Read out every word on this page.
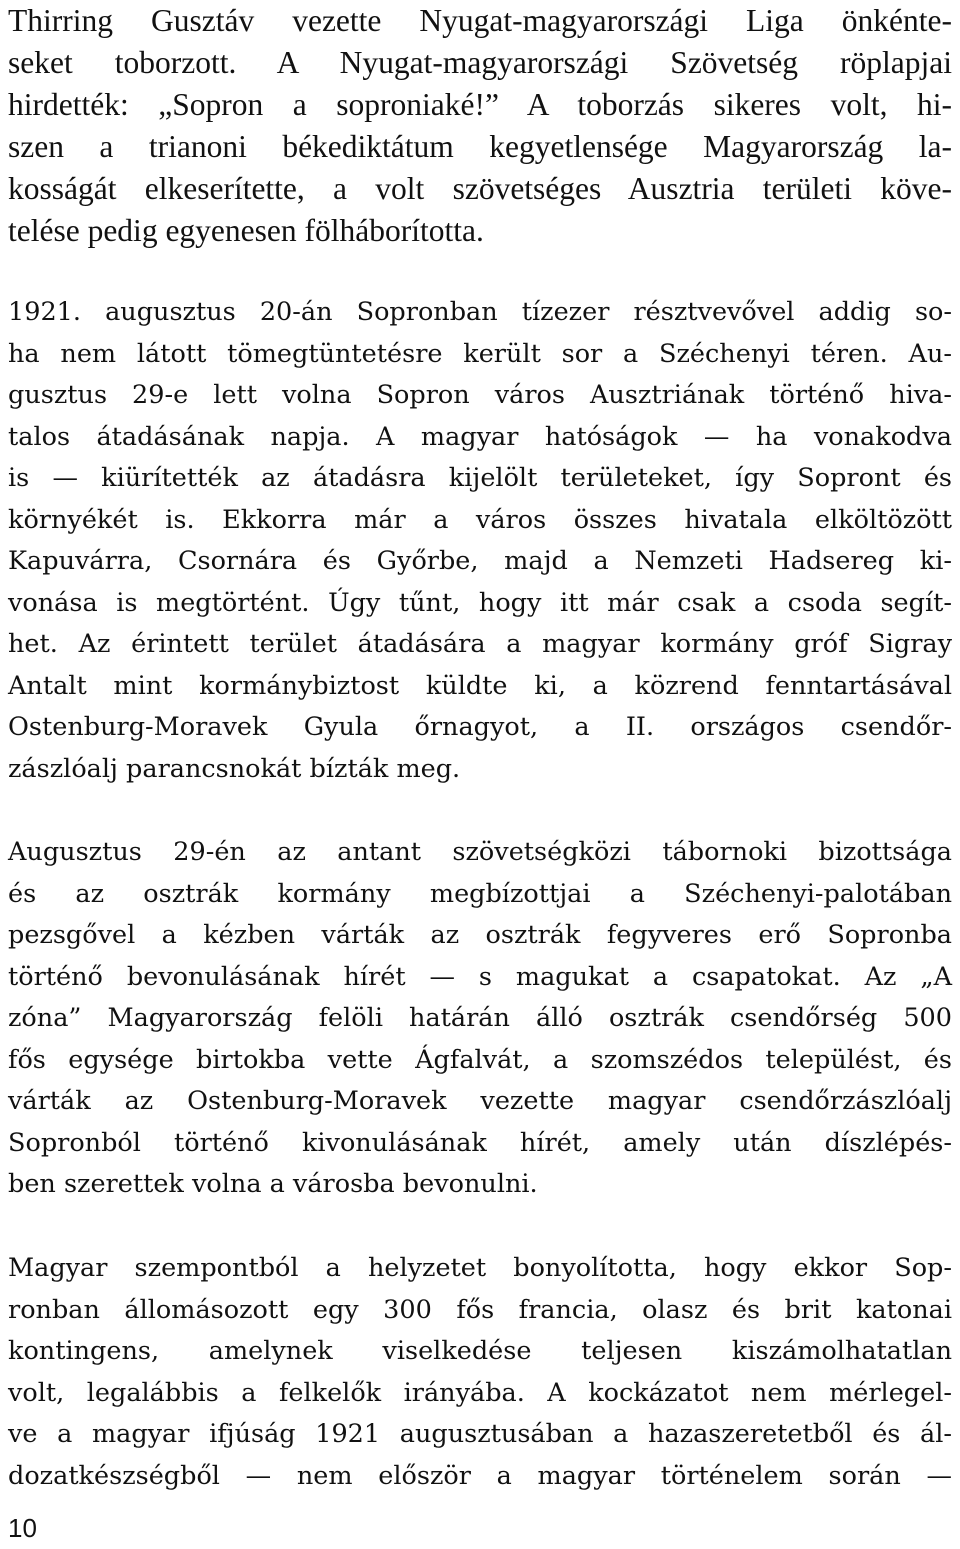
Thirring Gusztáv vezette Nyugat-magyarországi Liga önkénte-
seket toborzott. A Nyugat-magyarországi Szövetség röplapjai
hirdették: „Sopron a soproniaké!” A toborzás sikeres volt, hi-
szen a trianoni békediktátum kegyetlensége Magyarország la-
kosságát elkeserítette, a volt szövetséges Ausztria területi köve-
telése pedig egyenesen fölháborította.
1921. augusztus 20-án Sopronban tízezer résztvevővel addig so-
ha nem látott tömegtüntetésre került sor a Széchenyi téren. Au-
gusztus 29-e lett volna Sopron város Ausztriának történő hiva-
talos átadásának napja. A magyar hatóságok — ha vonakodva
is — kiürítették az átadásra kijelölt területeket, így Sopront és
környékét is. Ekkorra már a város összes hivatala elköltözött
Kapuvárra, Csornára és Győrbe, majd a Nemzeti Hadsereg ki-
vonása is megtörtént. Úgy tűnt, hogy itt már csak a csoda segít-
het. Az érintett terület átadására a magyar kormány gróf Sigray
Antalt mint kormánybiztost küldte ki, a közrend fenntartásával
Ostenburg-Moravek Gyula őrnagyot, a II. országos csendőr-
zászlóalj parancsnokát bízták meg.
Augusztus 29-én az antant szövetségközi tábornoki bizottsága
és az osztrák kormány megbízottjai a Széchenyi-palotában
pezsgővel a kézben várták az osztrák fegyveres erő Sopronba
történő bevonulásának hírét — s magukat a csapatokat. Az „A
zóna” Magyarország felöli határán álló osztrák csendőrség 500
fős egysége birtokba vette Ágfalvát, a szomszédos települést, és
várták az Ostenburg-Moravek vezette magyar csendőrzászlóalj
Sopronból történő kivonulásának hírét, amely után díszlépés-
ben szerettek volna a városba bevonulni.
Magyar szempontból a helyzetet bonyolította, hogy ekkor Sop-
ronban állomásozott egy 300 fős francia, olasz és brit katonai
kontingens, amelynek viselkedése teljesen kiszámolhatatlan
volt, legalábbis a felkelők irányába. A kockázatot nem mérlegel-
ve a magyar ifjúság 1921 augusztusában a hazaszeretetből és ál-
dozatkészségből — nem először a magyar történelem során —
10
